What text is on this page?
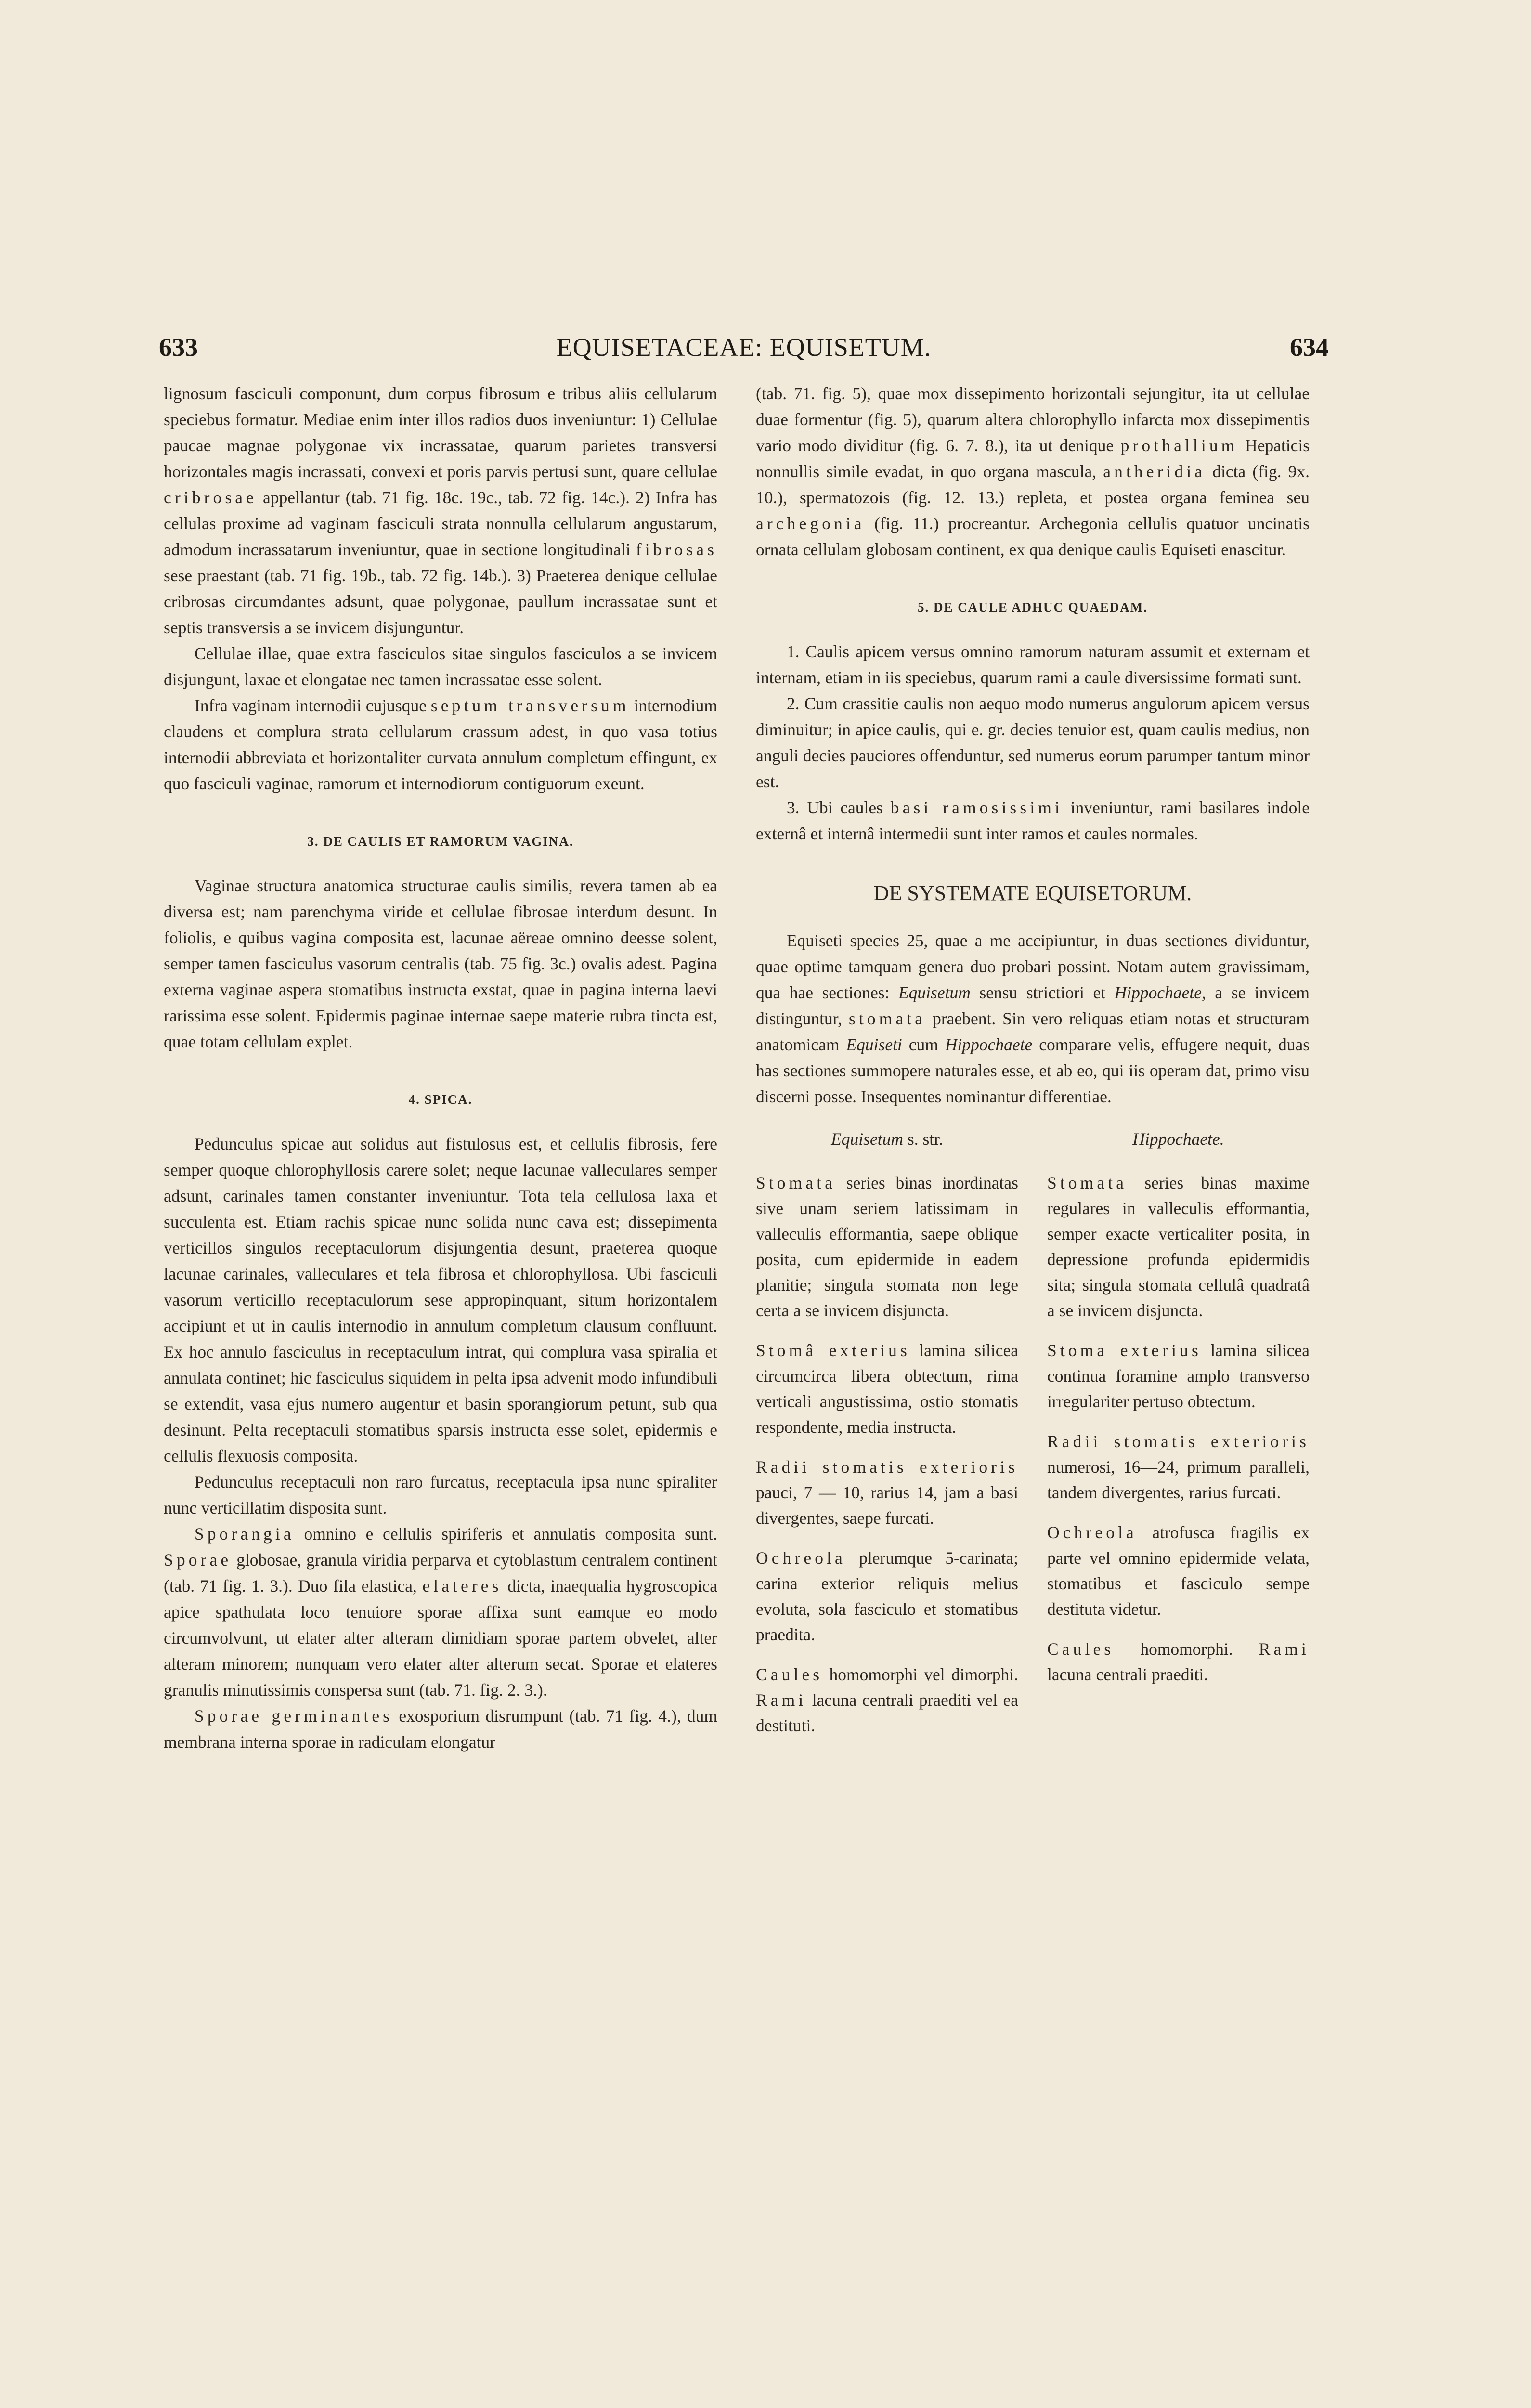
633	EQUISETACEAE: EQUISETUM.	634

lignosum fasciculi componunt, dum corpus fibrosum e tribus aliis cellularum speciebus formatur. Mediae enim inter illos radios duos inveniuntur: 1) Cellulae paucae magnae polygonae vix incrassatae, quarum parietes transversi horizontales magis incrassati, convexi et poris parvis pertusi sunt, quare cellulae cribrosae appellantur (tab. 71 fig. 18c. 19c., tab. 72 fig. 14c.). 2) Infra has cellulas proxime ad vaginam fasciculi strata nonnulla cellularum angustarum, admodum incrassatarum inveniuntur, quae in sectione longitudinali fibrosas sese praestant (tab. 71 fig. 19b., tab. 72 fig. 14b.). 3) Praeterea denique cellulae cribrosas circumdantes adsunt, quae polygonae, paullum incrassatae sunt et septis transversis a se invicem disjunguntur.

Cellulae illae, quae extra fasciculos sitae singulos fasciculos a se invicem disjungunt, laxae et elongatae nec tamen incrassatae esse solent.

Infra vaginam internodii cujusque septum transversum internodium claudens et complura strata cellularum crassum adest, in quo vasa totius internodii abbreviata et horizontaliter curvata annulum completum effingunt, ex quo fasciculi vaginae, ramorum et internodiorum contiguorum exeunt.

3. DE CAULIS ET RAMORUM VAGINA.

Vaginae structura anatomica structurae caulis similis, revera tamen ab ea diversa est; nam parenchyma viride et cellulae fibrosae interdum desunt. In foliolis, e quibus vagina composita est, lacunae aëreae omnino deesse solent, semper tamen fasciculus vasorum centralis (tab. 75 fig. 3c.) ovalis adest. Pagina externa vaginae aspera stomatibus instructa exstat, quae in pagina interna laevi rarissima esse solent. Epidermis paginae internae saepe materie rubra tincta est, quae totam cellulam explet.

4. SPICA.

Pedunculus spicae aut solidus aut fistulosus est, et cellulis fibrosis, fere semper quoque chlorophyllosis carere solet; neque lacunae valleculares semper adsunt, carinales tamen constanter inveniuntur. Tota tela cellulosa laxa et succulenta est. Etiam rachis spicae nunc solida nunc cava est; dissepimenta verticillos singulos receptaculorum disjungentia desunt, praeterea quoque lacunae carinales, valleculares et tela fibrosa et chlorophyllosa. Ubi fasciculi vasorum verticillo receptaculorum sese appropinquant, situm horizontalem accipiunt et ut in caulis internodio in annulum completum clausum confluunt. Ex hoc annulo fasciculus in receptaculum intrat, qui complura vasa spiralia et annulata continet; hic fasciculus siquidem in pelta ipsa advenit modo infundibuli se extendit, vasa ejus numero augentur et basin sporangiorum petunt, sub qua desinunt. Pelta receptaculi stomatibus sparsis instructa esse solet, epidermis e cellulis flexuosis composita.

Pedunculus receptaculi non raro furcatus, receptacula ipsa nunc spiraliter nunc verticillatim disposita sunt.

Sporangia omnino e cellulis spiriferis et annulatis composita sunt. Sporae globosae, granula viridia perparva et cytoblastum centralem continent (tab. 71 fig. 1. 3.). Duo fila elastica, elateres dicta, inaequalia hygroscopica apice spathulata loco tenuiore sporae affixa sunt eamque eo modo circumvolvunt, ut elater alter alteram dimidiam sporae partem obvelet, alter alteram minorem; nunquam vero elater alter alterum secat. Sporae et elateres granulis minutissimis conspersa sunt (tab. 71. fig. 2. 3.).

Sporae germinantes exosporium disrumpunt (tab. 71 fig. 4.), dum membrana interna sporae in radiculam elongatur

(tab. 71. fig. 5), quae mox dissepimento horizontali sejungitur, ita ut cellulae duae formentur (fig. 5), quarum altera chlorophyllo infarcta mox dissepimentis vario modo dividitur (fig. 6. 7. 8.), ita ut denique prothallium Hepaticis nonnullis simile evadat, in quo organa mascula, antheridia dicta (fig. 9x. 10.), spermatozois (fig. 12. 13.) repleta, et postea organa feminea seu archegonia (fig. 11.) procreantur. Archegonia cellulis quatuor uncinatis ornata cellulam globosam continent, ex qua denique caulis Equiseti enascitur.

5. DE CAULE ADHUC QUAEDAM.

1. Caulis apicem versus omnino ramorum naturam assumit et externam et internam, etiam in iis speciebus, quarum rami a caule diversissime formati sunt.

2. Cum crassitie caulis non aequo modo numerus angulorum apicem versus diminuitur; in apice caulis, qui e. gr. decies tenuior est, quam caulis medius, non anguli decies pauciores offenduntur, sed numerus eorum parumper tantum minor est.

3. Ubi caules basi ramosissimi inveniuntur, rami basilares indole externâ et internâ intermedii sunt inter ramos et caules normales.

DE SYSTEMATE EQUISETORUM.

Equiseti species 25, quae a me accipiuntur, in duas sectiones dividuntur, quae optime tamquam genera duo probari possint. Notam autem gravissimam, qua hae sectiones: Equisetum sensu strictiori et Hippochaete, a se invicem distinguntur, stomata praebent. Sin vero reliquas etiam notas et structuram anatomicam Equiseti cum Hippochaete comparare velis, effugere nequit, duas has sectiones summopere naturales esse, et ab eo, qui iis operam dat, primo visu discerni posse. Insequentes nominantur differentiae.

Equisetum s. str.

Stomata series binas inordinatas sive unam seriem latissimam in valleculis efformantia, saepe oblique posita, cum epidermide in eadem planitie; singula stomata non lege certa a se invicem disjuncta.

Stomâ exterius lamina silicea circumcirca libera obtectum, rima verticali angustissima, ostio stomatis respondente, media instructa.

Radii stomatis exterioris pauci, 7 — 10, rarius 14, jam a basi divergentes, saepe furcati.

Ochreola plerumque 5-carinata; carina exterior reliquis melius evoluta, sola fasciculo et stomatibus praedita.

Caules homomorphi vel dimorphi. Rami lacuna centrali praediti vel ea destituti.

Hippochaete.

Stomata series binas maxime regulares in valleculis efformantia, semper exacte verticaliter posita, in depressione profunda epidermidis sita; singula stomata cellulâ quadratâ a se invicem disjuncta.

Stoma exterius lamina silicea continua foramine amplo transverso irregulariter pertuso obtectum.

Radii stomatis exterioris numerosi, 16—24, primum paralleli, tandem divergentes, rarius furcati.

Ochreola atrofusca fragilis ex parte vel omnino epidermide velata, stomatibus et fasciculo sempe destituta videtur.

Caules homomorphi. Rami lacuna centrali praediti.
